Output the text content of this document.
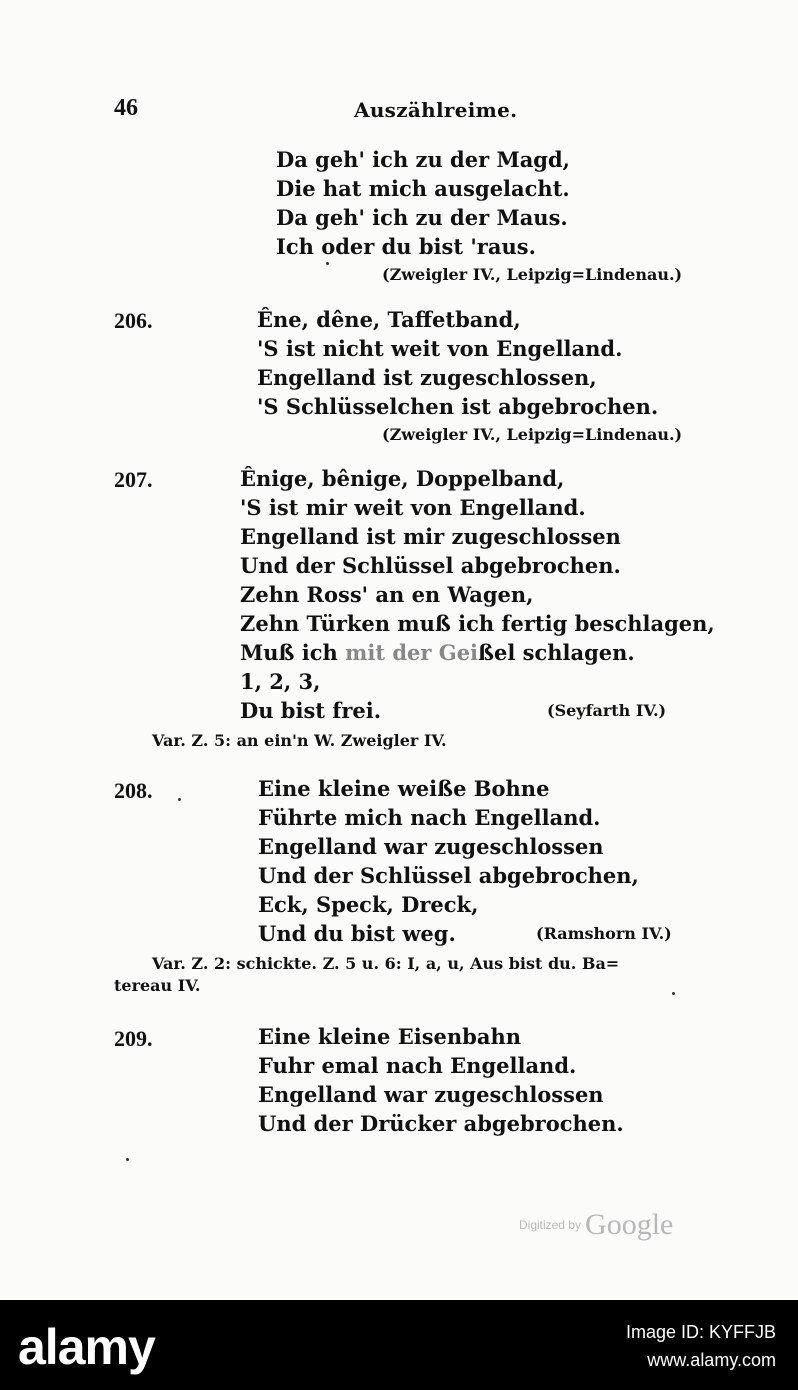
46	Auszählreime.
Da geh' ich zu der Magd,
Die hat mich ausgelacht.
Da geh' ich zu der Maus.
Ich oder du bist 'raus.
(Zweigler IV., Leipzig=Lindenau.)
206.	Êne, dêne, Taffetband,
'S ist nicht weit von Engelland.
Engelland ist zugeschlossen,
'S Schlüsselchen ist abgebrochen.
(Zweigler IV., Leipzig=Lindenau.)
207.	Ênige, bênige, Doppelband,
'S ist mir weit von Engelland.
Engelland ist mir zugeschlossen
Und der Schlüssel abgebrochen.
Zehn Ross' an en Wagen,
Zehn Türken muß ich fertig beschlagen,
Muß ich mit der Geißel schlagen.
1, 2, 3,
Du bist frei.	(Seyfarth IV.)
Var. Z. 5: an ein'n W. Zweigler IV.
208.	Eine kleine weiße Bohne
Führte mich nach Engelland.
Engelland war zugeschlossen
Und der Schlüssel abgebrochen,
Eck, Speck, Dreck,
Und du bist weg.	(Ramshorn IV.)
Var. Z. 2: schickte. Z. 5 u. 6: I, a, u, Aus bist du. Ba=
tereau IV.
209.	Eine kleine Eisenbahn
Fuhr emal nach Engelland.
Engelland war zugeschlossen
Und der Drücker abgebrochen.
Digitized by Google
alamy	Image ID: KYFFJB
www.alamy.com
